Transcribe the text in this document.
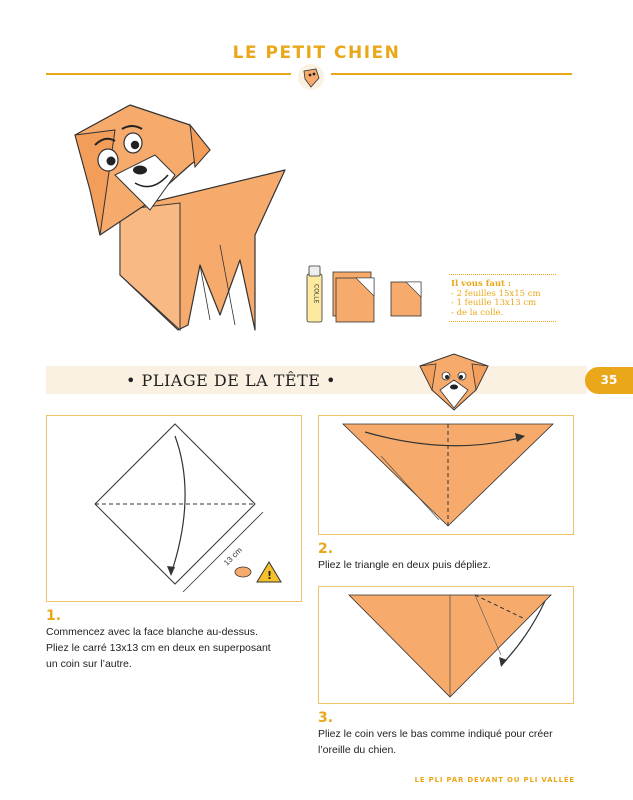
LE PETIT CHIEN
COLLE	Il vous faut :
- 2 feuilles 15x15 cm
- 1 feuille 13x13 cm
- de la colle.
• PLIAGE DE LA TÊTE •	35
13 cm
!
1.
Commencez avec la face blanche au-dessus.
Pliez le carré 13x13 cm en deux en superposant
un coin sur l’autre.
2.
Pliez le triangle en deux puis dépliez.
3.
Pliez le coin vers le bas comme indiqué pour créer
l’oreille du chien.
LE PLI PAR DEVANT OU PLI VALLÉE
